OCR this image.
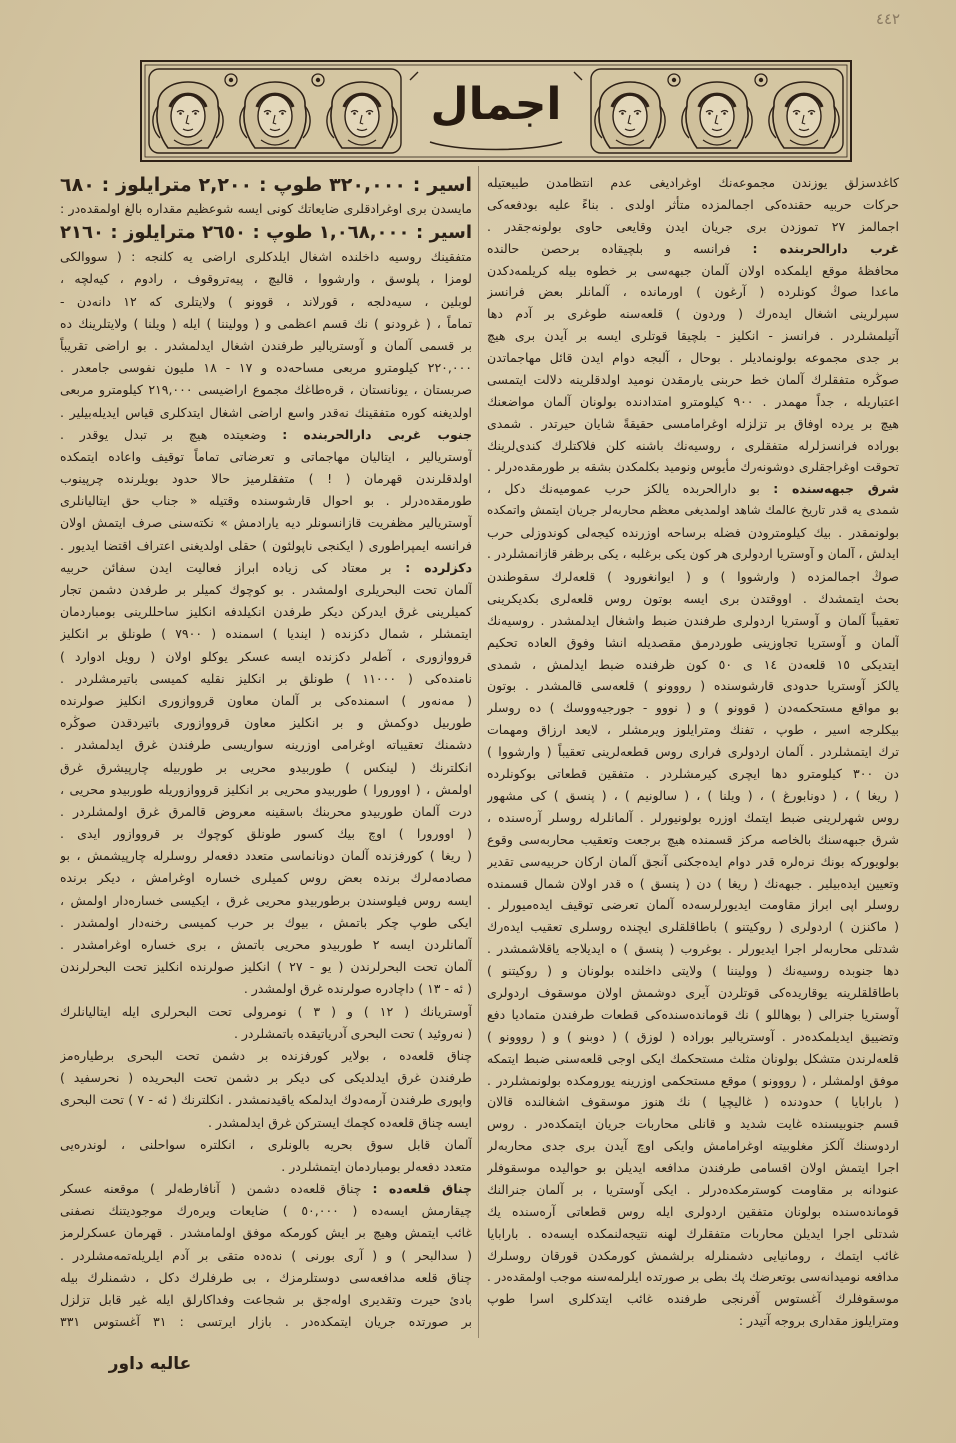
٤٤٢
اجمال
كاغدسزلق يوزندن مجموعه‌نك اوغراديغى عدم انتظامدن طبيعتيله
حركات حربيه حقنده‌كى اجمالمزده متأثر اولدى . بناءً عليه بودفعه‌كى
اجمالمز ٢٧ تموزدن برى جريان ايدن وقايعى حاوى بولونه‌جقدر .
غرب دارالحربنده : فرانسه و بلچيقاده برحصن حالنده
محافظهٔ موقع ايلمكده اولان آلمان جبهه‌سى بر خطوه بيله كريلمه‌دكدن
ماعدا صوڭ كونلرده ( آرغون ) اورمانده ، آلمانلر بعض فرانسز
سپرلرينى اشغال ايده‌رك ( وردون ) قلعه‌سنه طوغرى بر آدم دها
آتيلمشلردر . فرانسز - انكليز - بلچيقا قوتلرى ايسه بر آيدن برى هيچ
بر جدى مجموعه بولونماديلر . بوحال ، آلبجه دوام ايدن قائل مهاجماتدن
صوڭره متفقلرك آلمان خط حربنى يارمقدن نوميد اولدقلرينه دلالت ايتمسى
اعتباريله ، جداً مهمدر . ٩٠٠ كيلومترو امتدادنده بولونان آلمان مواضعنك
هيچ بر يرده اوفاق بر تزلزله اوغرامامسى حقيقةً شايان حيرتدر . شمدى
بوراده فرانسزلرله متفقلرى ، روسيه‌نك باشنه كلن فلاكتلرك كندى‌لرينك
تحوقت اوغراجقلرى دوشونه‌رك مأيوس ونوميد بكلمكدن بشقه بر طورمقده‌درلر .
شرق جبهه‌سنده : بو دارالحربده يالكز حرب عموميه‌نك دكل ،
شمدى يه قدر تاريخ عالمك شاهد اولمديغى معظم محاربه‌لر جريان ايتمش واتمكده
بولونمقدر . بيك كيلومترودن فضله برساحه اوزرنده كيجه‌لى كوندوزلى حرب
ايدلش ، آلمان و آوستريا اردولرى هر كون يكى برغلبه ، يكى برظفر قازانمشلردر .
صوڭ اجمالمزده ( وارشووا ) و ( ايوانغورود ) قلعه‌لرك سقوطندن
بحث ايتمشدك . اووقتدن برى ايسه بوتون روس قلعه‌لرى بكديكرينى
تعقيباً آلمان و آوستريا اردولرى طرفندن ضبط واشغال ايدلمشدر . روسيه‌نك
آلمان و آوستريا تجاوزينى طوردرمق مقصديله انشا وفوق العاده تحكيم
ايتديكى ١٥ قلعه‌دن ١٤ ى ٥٠ كون ظرفنده ضبط ايدلمش ، شمدى
يالكز آوستريا حدودى قارشوسنده ( رووونو ) قلعه‌سى قالمشدر . بوتون
بو مواقع مستحكمه‌دن ( قوونو ) و ( نووو - جورجيه‌ووسك ) ده روسلر
بيكلرجه اسير ، طوپ ، تفنك ومترايلوز ويرمشلر ، لايعد ارزاق ومهمات
ترك ايتمشلردر . آلمان اردولرى فرارى روس قطعه‌لرينى تعقيباً ( وارشووا )
دن ٣٠٠ كيلومترو دها ايچرى كيرمشلردر . متفقين قطعاتى بوكونلرده
( ريغا ) ، ( دونابورغ ) ، ( ويلنا ) ، ( سالونيم ) ، ( پنسق ) كى مشهور
روس شهرلرينى ضبط ايتمك اوزره بولونيورلر . آلمانلرله روسلر آره‌سنده ،
شرق جبهه‌سنك بالخاصه مركز قسمنده هيچ برجعت وتعقيب محاربه‌سى وقوع
بولويوركه بونك نره‌لره قدر دوام ايده‌جكنى آنجق آلمان اركان حربيه‌سى تقدير
وتعيين ايده‌بيلير . جبهه‌نك ( ريغا ) دن ( پنسق ) ه قدر اولان شمال قسمنده
روسلر اپى ابراز مقاومت ايديورلرسه‌ده آلمان تعرضى توقيف ايده‌ميورلر .
( ماكنزن ) اردولرى ( روكيتنو ) باطاقلقلرى ايچنده روسلرى تعقيب ايده‌رك
شدتلى محاربه‌لر اجرا ايديورلر . بوغروب ( پنسق ) ه ايديلاجه ياقلاشمشدر .
دها جنوبده روسيه‌نك ( ووليننا ) ولايتى داخلنده بولونان و ( روكيتنو )
باطاقلقلرينه يوقاريده‌كى قوتلردن آيرى دوشمش اولان موسقوف اردولرى
آوستريا جنرالى ( بوهاللو ) نك قومانده‌سنده‌كى قطعات طرفندن متماديا دفع
وتضييق ايديلمكده‌در . آوستريالير بوراده ( لوزق ) ( دوبنو ) و ( رووونو )
قلعه‌لرندن متشكل بولونان مثلث مستحكمك ايكى اوجى قلعه‌سنى ضبط ايتمكه
موفق اولمشلر ، ( رووونو ) موقع مستحكمى اوزرينه يورومكده بولونمشلردر .
( بارابايا ) حدودنده ( غاليچيا ) نك هنوز موسقوف اشغالنده قالان
قسم جنوبيسنده غايت شديد و قانلى محاربات جريان ايتمكده‌در . روس
اردوسنك آلكز مغلوبيته اوغرامامش وايكى اوچ آيدن برى جدى محاربه‌لر
اجرا ايتمش اولان اقسامى طرفندن مدافعه ايديلن بو حواليده موسقوفلر
عنودانه بر مقاومت كوسترمكده‌درلر . ايكى آوستريا ، بر آلمان جنرالنك
قومانده‌سنده بولونان متفقين اردولرى ايله روس قطعاتى آره‌سنده يك
شدتلى اجرا ايديلن محاربات متفقلرك لهنه نتيجه‌لنمكده ايسه‌ده . بارابايا
غائب ايتمك ، رومانيايى دشمنلرله برلشمش كورمكدن قورقان روسلرك
مدافعه نوميدانه‌سى بوتعرضك پك بطى بر صورتده ايلرلمه‌سنه موجب اولمقده‌در .
موسقوفلرك آغستوس آفرنجى طرفنده غائب ايتدكلرى اسرا طوپ
ومترايلوز مقدارى بروجه آتيدر :
اسير : ٣٢٠,٠٠٠ طوپ : ٢,٢٠٠ مترايلوز : ٦٨٠
مايسدن برى اوغرادقلرى ضايعاتك كونى ايسه شوعظيم مقداره بالغ اولمقده‌در :
اسير : ١,٠٦٨,٠٠٠ طوپ : ٢٦٥٠ مترايلوز : ٢١٦٠
متفقينك روسيه داخلنده اشغال ايلدكلرى اراضى يه كلنجه : ( سووالكى
لومزا ، پلوسق ، وارشووا ، قاليچ ، پيه‌تروقوف ، رادوم ، كيه‌لچه ،
لوبلين ، سيه‌دلجه ، قورلاند ، قوونو ) ولايتلرى كه ١٢ دانه‌دن -
تماماً ، ( غرودنو ) نك قسم اعظمى و ( ووليننا ) ايله ( ويلنا ) ولايتلرينك ده
بر قسمى آلمان و آوستريالير طرفندن اشغال ايدلمشدر . بو اراضى تقريباً
٢٢٠,٠٠٠ كيلومترو مربعى مساحه‌ده و ١٧ - ١٨ مليون نفوسى جامعدر .
صربستان ، يونانستان ، قره‌طاغك مجموع اراضيسى ٢١٩,٠٠٠ كيلومترو مربعى
اولديغنه كوره متفقينك نه‌قدر واسع اراضى اشغال ايتدكلرى قياس ايديله‌بيلير .
جنوب غربى دارالحربنده : وضعيتده هيچ بر تبدل يوقدر .
آوستريالير ، ايتاليان مهاجماتى و تعرضاتى تماماً توقيف واعاده ايتمكده
اولدقلرندن قهرمان ( ! ) متفقلرميز حالا حدود بويلرنده چرپينوب
طورمقده‌درلر . بو احوال قارشوسنده وقتيله « جناب حق ايتاليانلرى
آوستريالير مظفريت قازانسونلر ديه يارادمش » نكته‌سنى صرف ايتمش اولان
فرانسه ايمپراطورى ( ايكنجى ناپولئون ) حقلى اولديغنى اعتراف اقتضا ايديور .
دكزلرده : بر معتاد كى زياده ابراز فعاليت ايدن سفائن حربيه
آلمان تحت البحريلرى اولمشدر . بو كوچوك كميلر بر طرفدن دشمن تجار
كميلرينى غرق ايدركن ديكر طرفدن انكيلدفه انكليز ساحللرينى بومباردمان
ايتمشلر ، شمال دكزنده ( اينديا ) اسمنده ( ٧٩٠٠ ) طونلق بر انكليز
قرووازورى ، آطه‌لر دكزنده ايسه عسكر يوكلو اولان ( رويل ادوارد )
نامنده‌كى ( ١١٠٠٠ ) طونلق بر انكليز نقليه كميسى باتيرمشلردر .
( مه‌نه‌ور ) اسمنده‌كى بر آلمان معاون قرووازورى انكليز صولرنده
طوربيل دوكمش و بر انكليز معاون قرووازورى باتيردقدن صوڭره
دشمنك تعقيباته اوغرامى اوزرينه سواريسى طرفندن غرق ايدلمشدر .
انكلترنك ( لينكس ) طوربيدو محريى بر طوربيله چارپيشرق غرق
اولمش ، ( اوورورا ) طوربيدو محريى بر انكليز قرووازوريله طوربيدو محريى ،
درت آلمان طوربيدو محربنك باسقينه معروض قالمرق غرق اولمشلردر .
( اوورورا ) اوچ بيك كسور طونلق كوچوك بر قرووازور ايدى .
( ريغا ) كورفزنده آلمان دونانماسى متعدد دفعه‌لر روسلرله چارپيشمش ، بو
مصادمه‌لرك برنده بعض روس كميلرى خساره اوغرامش ، ديكر برنده
ايسه روس فيلوسندن برطوربيدو محريى غرق ، ايكيسى خساره‌دار اولمش ،
ايكى طوپ چكر باتمش ، بيوك بر حرب كميسى رخنه‌دار اولمشدر .
آلمانلردن ايسه ٢ طوربيدو محريى باتمش ، برى خساره اوغرامشدر .
آلمان تحت البحرلرندن ( يو - ٢٧ ) انكليز صولرنده انكليز تحت البحرلرندن
( ئه - ١٣ ) داچادره صولرنده غرق اولمشدر .
آوستريانك ( ١٢ ) و ( ٣ ) نومرولى تحت البحرلرى ايله ايتاليانلرك
( نه‌روئيد ) تحت البحرى آدرياتيقده باتمشلردر .
چناق قلعه‌ده ، بولاير كورفزنده بر دشمن تحت البحرى برطياره‌مز
طرفندن غرق ايدلديكى كى ديكر بر دشمن تحت البحريده ( نحرسفيد )
واپورى طرفندن آرمه‌دوك ايدلمكه ياقيدنمشدر . انكلترنك ( ئه - ٧ ) تحت البحرى
ايسه چناق قلعه‌ده كچمك ايستركن غرق ايدلمشدر .
آلمان قابل سوق بحريه بالونلرى ، انكلتره سواحلنى ، لوندره‌يى
متعدد دفعه‌لر بومباردمان ايتمشلردر .
چناق قلعه‌ده : چناق قلعه‌ده دشمن ( آنافارطه‌لر ) موقعنه عسكر
چيقارمش ايسه‌ده ( ٥٠,٠٠٠ ) ضايعات ويره‌رك موجوديتنك نصفنى
غائب ايتمش وهيچ بر ايش كورمكه موفق اولمامشدر . قهرمان عسكرلرمز
( سدالبحر ) و ( آرى بورنى ) نده‌ده متقى بر آدم ايلريله‌تمه‌مشلردر .
چناق قلعه مدافعه‌سى دوستلرمزك ، بى طرفلرك دكل ، دشمنلرك بيله
بادئ حيرت وتقديرى اوله‌جق بر شجاعت وفداكارلق ايله غير قابل تزلزل
بر صورتده جريان ايتمكده‌در . بازار ايرتسى : ٣١ آغستوس ٣٣١
عاليه داور
